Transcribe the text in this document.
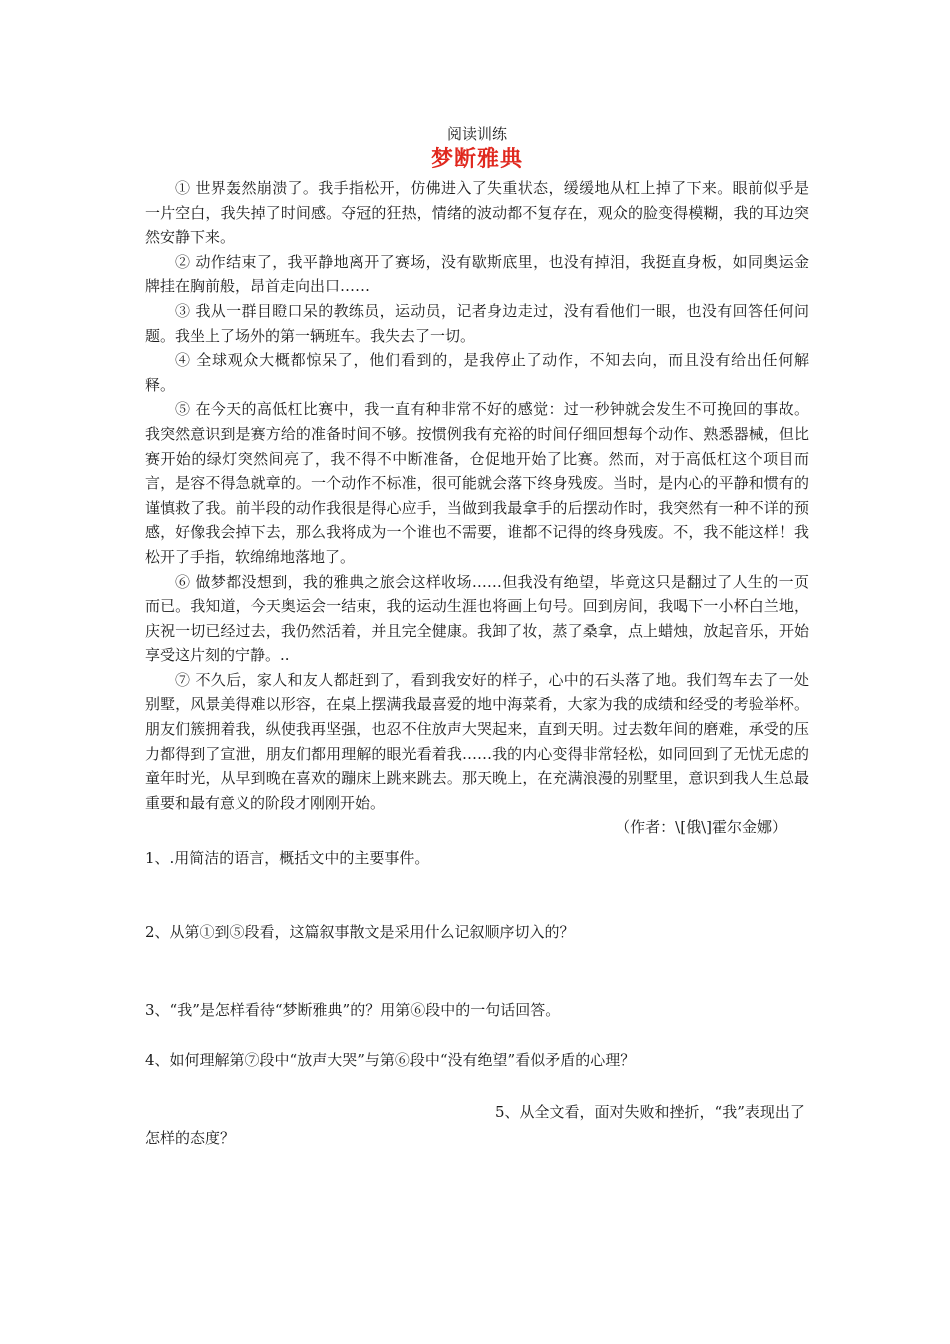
阅读训练

梦断雅典

① 世界轰然崩溃了。我手指松开，仿佛进入了失重状态，缓缓地从杠上掉了下来。眼前似乎是一片空白，我失掉了时间感。夺冠的狂热，情绪的波动都不复存在，观众的脸变得模糊，我的耳边突然安静下来。

② 动作结束了，我平静地离开了赛场，没有歇斯底里，也没有掉泪，我挺直身板，如同奥运金牌挂在胸前般，昂首走向出口……

③ 我从一群目瞪口呆的教练员，运动员，记者身边走过，没有看他们一眼，也没有回答任何问题。我坐上了场外的第一辆班车。我失去了一切。

④ 全球观众大概都惊呆了，他们看到的，是我停止了动作，不知去向，而且没有给出任何解释。

⑤ 在今天的高低杠比赛中，我一直有种非常不好的感觉：过一秒钟就会发生不可挽回的事故。我突然意识到是赛方给的准备时间不够。按惯例我有充裕的时间仔细回想每个动作、熟悉器械，但比赛开始的绿灯突然间亮了，我不得不中断准备，仓促地开始了比赛。然而，对于高低杠这个项目而言，是容不得急就章的。一个动作不标准，很可能就会落下终身残废。当时，是内心的平静和惯有的谨慎救了我。前半段的动作我很是得心应手，当做到我最拿手的后摆动作时，我突然有一种不详的预感，好像我会掉下去，那么我将成为一个谁也不需要，谁都不记得的终身残废。不，我不能这样！我松开了手指，软绵绵地落地了。

⑥ 做梦都没想到，我的雅典之旅会这样收场……但我没有绝望，毕竟这只是翻过了人生的一页而已。我知道，今天奥运会一结束，我的运动生涯也将画上句号。回到房间，我喝下一小杯白兰地，庆祝一切已经过去，我仍然活着，并且完全健康。我卸了妆，蒸了桑拿，点上蜡烛，放起音乐，开始享受这片刻的宁静。..

⑦ 不久后，家人和友人都赶到了，看到我安好的样子，心中的石头落了地。我们驾车去了一处别墅，风景美得难以形容，在桌上摆满我最喜爱的地中海菜肴，大家为我的成绩和经受的考验举杯。朋友们簇拥着我，纵使我再坚强，也忍不住放声大哭起来，直到天明。过去数年间的磨难，承受的压力都得到了宣泄，朋友们都用理解的眼光看着我……我的内心变得非常轻松，如同回到了无忧无虑的童年时光，从早到晚在喜欢的蹦床上跳来跳去。那天晚上，在充满浪漫的别墅里，意识到我人生总最重要和最有意义的阶段才刚刚开始。

（作者：\[俄\]霍尔金娜）

1、.用简洁的语言，概括文中的主要事件。

2、从第①到⑤段看，这篇叙事散文是采用什么记叙顺序切入的？

3、“我”是怎样看待“梦断雅典”的？用第⑥段中的一句话回答。

4、如何理解第⑦段中“放声大哭”与第⑥段中“没有绝望”看似矛盾的心理？

5、从全文看，面对失败和挫折，“我”表现出了怎样的态度？
